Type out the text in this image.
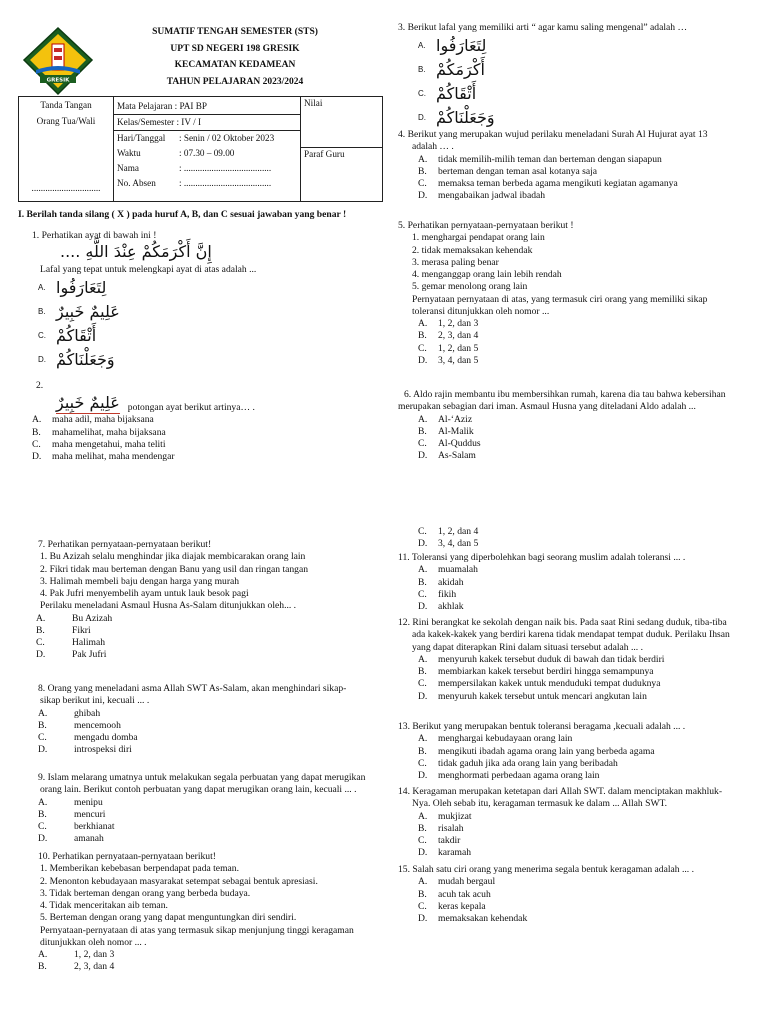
GRESIK
SUMATIF TENGAH SEMESTER (STS)
UPT SD NEGERI 198 GRESIK
KECAMATAN KEDAMEAN
TAHUN PELAJARAN 2023/2024
Tanda Tangan
Orang Tua/Wali
..............................

Mata Pelajaran
: PAI BP
Kelas/Semester
: IV / I
Hari/Tanggal	: Senin / 02 Oktober 2023
Waktu	: 07.30 – 09.00
Nama	: ......................................
No. Absen	: ......................................
	Nilai
Paraf Guru
I. Berilah tanda silang ( X ) pada huruf A, B, dan C sesuai jawaban yang benar !
1. Perhatikan ayat di bawah ini !
إِنَّ أَكْرَمَكُمْ عِنْدَ اللَّهِ ....
Lafal yang tepat untuk melengkapi ayat di atas adalah ...
A. لِتَعَارَفُوا
B. عَلِيمٌ خَبِيرٌ
C. أَتْقَاكُمْ
D. وَجَعَلْنَاكُمْ
2.
عَلِيمٌ خَبِيرٌ potongan ayat berikut artinya… .
A.	maha adil, maha bijaksana
B.	mahamelihat, maha bijaksana
C.	maha mengetahui, maha teliti
D.	maha melihat, maha mendengar
7. Perhatikan pernyataan-pernyataan berikut!
1. Bu Azizah selalu menghindar jika diajak membicarakan orang lain
2. Fikri tidak mau berteman dengan Banu yang usil dan ringan tangan
3. Halimah membeli baju dengan harga yang murah
4. Pak Jufri menyembelih ayam untuk lauk besok pagi
Perilaku meneladani Asmaul Husna As-Salam ditunjukkan oleh... .
A.	Bu Azizah
B.	Fikri
C.	Halimah
D.	Pak Jufri
8. Orang yang meneladani asma Allah SWT As-Salam, akan menghindari sikap-
sikap berikut ini, kecuali ... .
A.	ghibah
B.	mencemooh
C.	mengadu domba
D.	introspeksi diri
9. Islam melarang umatnya untuk melakukan segala perbuatan yang dapat merugikan
orang lain. Berikut contoh perbuatan yang dapat merugikan orang lain, kecuali ... .
A.	menipu
B.	mencuri
C.	berkhianat
D.	amanah
10. Perhatikan pernyataan-pernyataan berikut!
1. Memberikan kebebasan berpendapat pada teman.
2. Menonton kebudayaan masyarakat setempat sebagai bentuk apresiasi.
3. Tidak berteman dengan orang yang berbeda budaya.
4. Tidak menceritakan aib teman.
5. Berteman dengan orang yang dapat menguntungkan diri sendiri.
Pernyataan-pernyataan di atas yang termasuk sikap menjunjung tinggi keragaman
ditunjukkan oleh nomor ... .
A.	1, 2, dan 3
B.	2, 3, dan 4
3. Berikut lafal yang memiliki arti “ agar kamu saling mengenal” adalah …
A. لِتَعَارَفُوا
B. أَكْرَمَكُمْ
C. أَتْقَاكُمْ
D. وَجَعَلْنَاكُمْ
4. Berikut yang merupakan wujud perilaku meneladani Surah Al Hujurat ayat 13
adalah … .
A.	tidak memilih-milih teman dan berteman dengan siapapun
B.	berteman dengan teman asal kotanya saja
C.	memaksa teman berbeda agama mengikuti kegiatan agamanya
D.	mengabaikan jadwal ibadah
5. Perhatikan pernyataan-pernyataan berikut !
1. menghargai pendapat orang lain
2. tidak memaksakan kehendak
3. merasa paling benar
4. menganggap orang lain lebih rendah
5. gemar menolong orang lain
Pernyataan pernyataan di atas, yang termasuk ciri orang yang memiliki sikap
toleransi ditunjukkan oleh nomor ...
A.	1, 2, dan 3
B.	2, 3, dan 4
C.	1, 2, dan 5
D.	3, 4, dan 5
6. Aldo rajin membantu ibu membersihkan rumah, karena dia tau bahwa kebersihan
merupakan sebagian dari iman. Asmaul Husna yang diteladani Aldo adalah ...
A.	Al-‘Aziz
B.	Al-Malik
C.	Al-Quddus
D.	As-Salam
C.	1, 2, dan 4
D.	3, 4, dan 5
11. Toleransi yang diperbolehkan bagi seorang muslim adalah toleransi ... .
A.	muamalah
B.	akidah
C.	fikih
D.	akhlak
12. Rini berangkat ke sekolah dengan naik bis. Pada saat Rini sedang duduk, tiba-tiba
ada kakek-kakek yang berdiri karena tidak mendapat tempat duduk. Perilaku Ihsan
yang dapat diterapkan Rini dalam situasi tersebut adalah ... .
A.	menyuruh kakek tersebut duduk di bawah dan tidak berdiri
B.	membiarkan kakek tersebut berdiri hingga semampunya
C.	mempersilakan kakek untuk menduduki tempat duduknya
D.	menyuruh kakek tersebut untuk mencari angkutan lain
13. Berikut yang merupakan bentuk toleransi beragama ,kecuali adalah ... .
A.	menghargai kebudayaan orang lain
B.	mengikuti ibadah agama orang lain yang berbeda agama
C.	tidak gaduh jika ada orang lain yang beribadah
D.	menghormati perbedaan agama orang lain
14. Keragaman merupakan ketetapan dari Allah SWT. dalam menciptakan makhluk-
Nya. Oleh sebab itu, keragaman termasuk ke dalam ... Allah SWT.
A.	mukjizat
B.	risalah
C.	takdir
D.	karamah
15. Salah satu ciri orang yang menerima segala bentuk keragaman adalah ... .
A.	mudah bergaul
B.	acuh tak acuh
C.	keras kepala
D.	memaksakan kehendak
